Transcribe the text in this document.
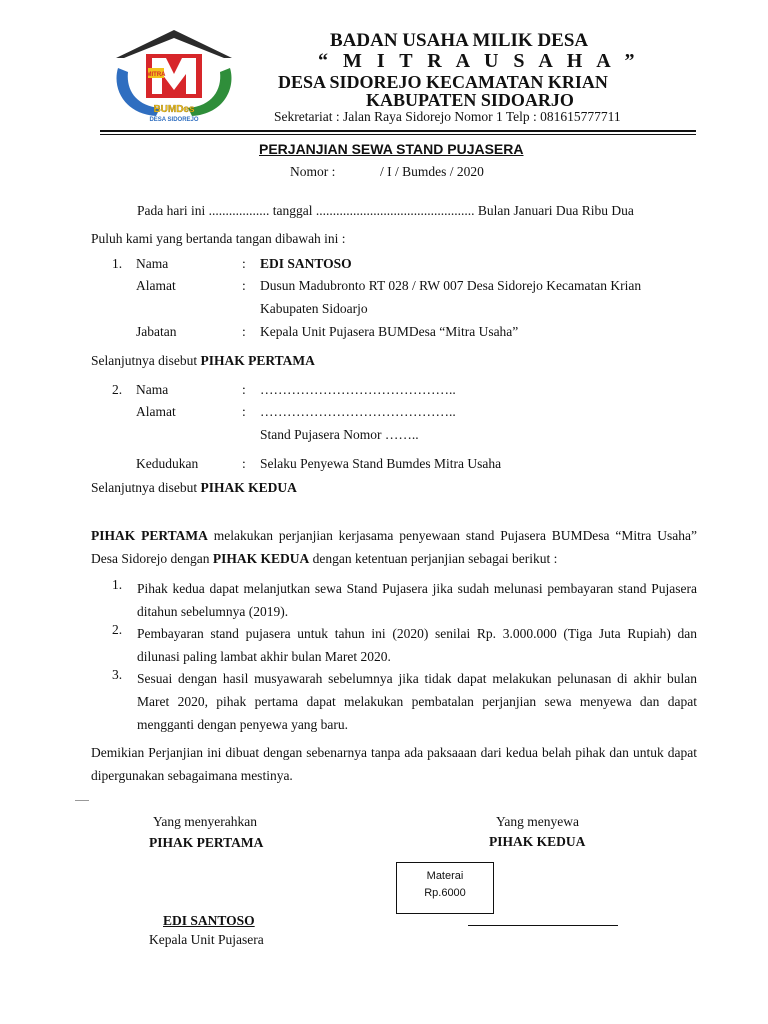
MITRA
BUMDes
DESA SIDOREJO
BADAN USAHA MILIK DESA
“ M I T R A U S A H A ”
DESA SIDOREJO KECAMATAN KRIAN
KABUPATEN SIDOARJO
Sekretariat : Jalan Raya Sidorejo Nomor 1 Telp : 081615777711
PERJANJIAN SEWA STAND PUJASERA
Nomor :	/ I / Bumdes / 2020
Pada hari ini .................. tanggal ............................................... Bulan Januari Dua Ribu Dua
Puluh kami yang bertanda tangan dibawah ini :
1. Nama	: EDI SANTOSO
Alamat	: Dusun Madubronto RT 028 / RW 007 Desa Sidorejo Kecamatan Krian
Kabupaten Sidoarjo
Jabatan	: Kepala Unit Pujasera BUMDesa “Mitra Usaha”
Selanjutnya disebut PIHAK PERTAMA
2. Nama	: ……………………………………..
Alamat	: ……………………………………..
Stand Pujasera Nomor ……..
Kedudukan	: Selaku Penyewa Stand Bumdes Mitra Usaha
Selanjutnya disebut PIHAK KEDUA
PIHAK PERTAMA melakukan perjanjian kerjasama penyewaan stand Pujasera BUMDesa “Mitra Usaha” Desa Sidorejo dengan PIHAK KEDUA dengan ketentuan perjanjian sebagai berikut :
1. Pihak kedua dapat melanjutkan sewa Stand Pujasera jika sudah melunasi pembayaran stand Pujasera ditahun sebelumnya (2019).
2. Pembayaran stand pujasera untuk tahun ini (2020) senilai Rp. 3.000.000 (Tiga Juta Rupiah) dan dilunasi paling lambat akhir bulan Maret 2020.
3. Sesuai dengan hasil musyawarah sebelumnya jika tidak dapat melakukan pelunasan di akhir bulan Maret 2020, pihak pertama dapat melakukan pembatalan perjanjian sewa menyewa dan dapat mengganti dengan penyewa yang baru.
Demikian Perjanjian ini dibuat dengan sebenarnya tanpa ada paksaaan dari kedua belah pihak dan untuk dapat dipergunakan sebagaimana mestinya.
Yang menyerahkan
PIHAK PERTAMA
EDI SANTOSO
Kepala Unit Pujasera
Yang menyewa
PIHAK KEDUA
Materai
Rp.6000
